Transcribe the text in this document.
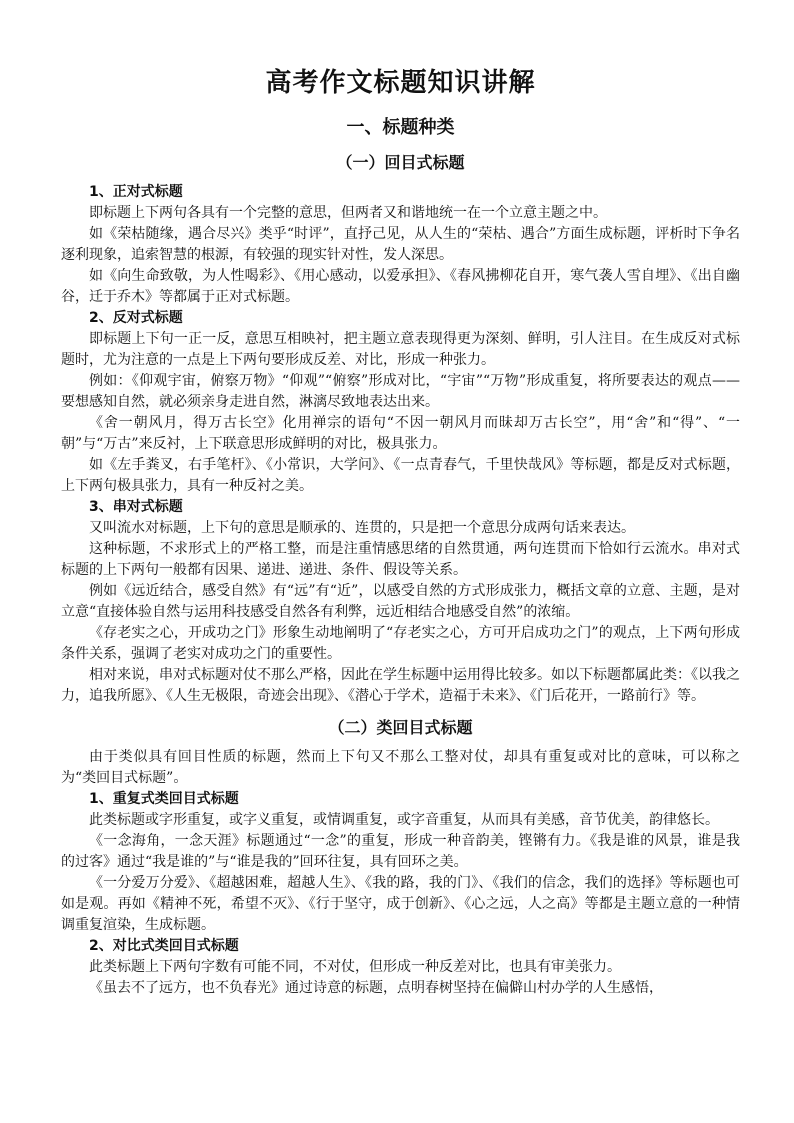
高考作文标题知识讲解
一、标题种类
（一）回目式标题
1、正对式标题

即标题上下两句各具有一个完整的意思，但两者又和谐地统一在一个立意主题之中。

如《荣枯随缘，遇合尽兴》类乎“时评”，直抒己见，从人生的“荣枯、遇合”方面生成标题，评析时下争名逐利现象，追索智慧的根源，有较强的现实针对性，发人深思。

如《向生命致敬，为人性喝彩》、《用心感动，以爱承担》、《春风拂柳花自开，寒气袭人雪自埋》、《出自幽谷，迁于乔木》等都属于正对式标题。

2、反对式标题

即标题上下句一正一反，意思互相映衬，把主题立意表现得更为深刻、鲜明，引人注目。在生成反对式标题时，尤为注意的一点是上下两句要形成反差、对比，形成一种张力。

例如：《仰观宇宙，俯察万物》“仰观”“俯察”形成对比，“宇宙”“万物”形成重复，将所要表达的观点——要想感知自然，就必须亲身走进自然，淋漓尽致地表达出来。

《舍一朝风月，得万古长空》化用禅宗的语句“不因一朝风月而昧却万古长空”，用“舍”和“得”、“一朝”与“万古”来反衬，上下联意思形成鲜明的对比，极具张力。

如《左手粪叉，右手笔杆》、《小常识，大学问》、《一点青春气，千里快哉风》等标题，都是反对式标题，上下两句极具张力，具有一种反衬之美。

3、串对式标题

又叫流水对标题，上下句的意思是顺承的、连贯的，只是把一个意思分成两句话来表达。

这种标题，不求形式上的严格工整，而是注重情感思绪的自然贯通，两句连贯而下恰如行云流水。串对式标题的上下两句一般都有因果、递进、递进、条件、假设等关系。

例如《远近结合，感受自然》有“远”有“近”，以感受自然的方式形成张力，概括文章的立意、主题，是对立意“直接体验自然与运用科技感受自然各有利弊，远近相结合地感受自然”的浓缩。

《存老实之心，开成功之门》形象生动地阐明了“存老实之心，方可开启成功之门”的观点，上下两句形成条件关系，强调了老实对成功之门的重要性。

相对来说，串对式标题对仗不那么严格，因此在学生标题中运用得比较多。如以下标题都属此类：《以我之力，追我所愿》、《人生无极限，奇迹会出现》、《潜心于学术，造福于未来》、《门后花开，一路前行》等。

（二）类回目式标题

由于类似具有回目性质的标题，然而上下句又不那么工整对仗，却具有重复或对比的意味，可以称之为“类回目式标题”。

1、重复式类回目式标题

此类标题或字形重复，或字义重复，或情调重复，或字音重复，从而具有美感，音节优美，韵律悠长。

《一念海角，一念天涯》标题通过“一念”的重复，形成一种音韵美，铿锵有力。《我是谁的风景，谁是我的过客》通过“我是谁的”与“谁是我的”回环往复，具有回环之美。

《一分爱万分爱》、《超越困难，超越人生》、《我的路，我的门》、《我们的信念，我们的选择》等标题也可如是观。再如《精神不死，希望不灭》、《行于坚守，成于创新》、《心之远，人之高》等都是主题立意的一种情调重复渲染，生成标题。

2、对比式类回目式标题

此类标题上下两句字数有可能不同，不对仗，但形成一种反差对比，也具有审美张力。

《虽去不了远方，也不负春光》通过诗意的标题，点明春树坚持在偏僻山村办学的人生感悟，
